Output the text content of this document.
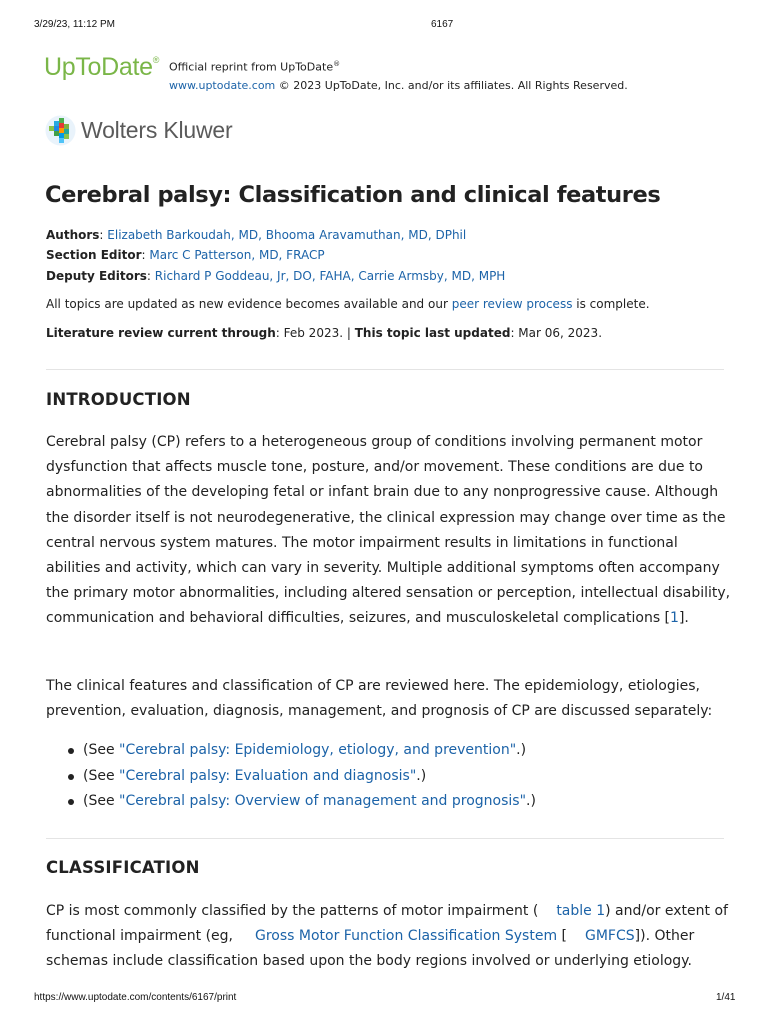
3/29/23, 11:12 PM	6167
UpToDate®
Official reprint from UpToDate®
www.uptodate.com © 2023 UpToDate, Inc. and/or its affiliates. All Rights Reserved.
Wolters Kluwer
Cerebral palsy: Classification and clinical features
Authors: Elizabeth Barkoudah, MD, Bhooma Aravamuthan, MD, DPhil
Section Editor: Marc C Patterson, MD, FRACP
Deputy Editors: Richard P Goddeau, Jr, DO, FAHA, Carrie Armsby, MD, MPH
All topics are updated as new evidence becomes available and our peer review process is complete.
Literature review current through: Feb 2023. | This topic last updated: Mar 06, 2023.
INTRODUCTION

Cerebral palsy (CP) refers to a heterogeneous group of conditions involving permanent motor dysfunction that affects muscle tone, posture, and/or movement. These conditions are due to abnormalities of the developing fetal or infant brain due to any nonprogressive cause. Although the disorder itself is not neurodegenerative, the clinical expression may change over time as the central nervous system matures. The motor impairment results in limitations in functional abilities and activity, which can vary in severity. Multiple additional symptoms often accompany the primary motor abnormalities, including altered sensation or perception, intellectual disability, communication and behavioral difficulties, seizures, and musculoskeletal complications [1].

The clinical features and classification of CP are reviewed here. The epidemiology, etiologies, prevention, evaluation, diagnosis, management, and prognosis of CP are discussed separately:

(See "Cerebral palsy: Epidemiology, etiology, and prevention".)
(See "Cerebral palsy: Evaluation and diagnosis".)
(See "Cerebral palsy: Overview of management and prognosis".)
CLASSIFICATION

CP is most commonly classified by the patterns of motor impairment ( table 1) and/or extent of functional impairment (eg, Gross Motor Function Classification System [ GMFCS]). Other schemas include classification based upon the body regions involved or underlying etiology.

https://www.uptodate.com/contents/6167/print	1/41
